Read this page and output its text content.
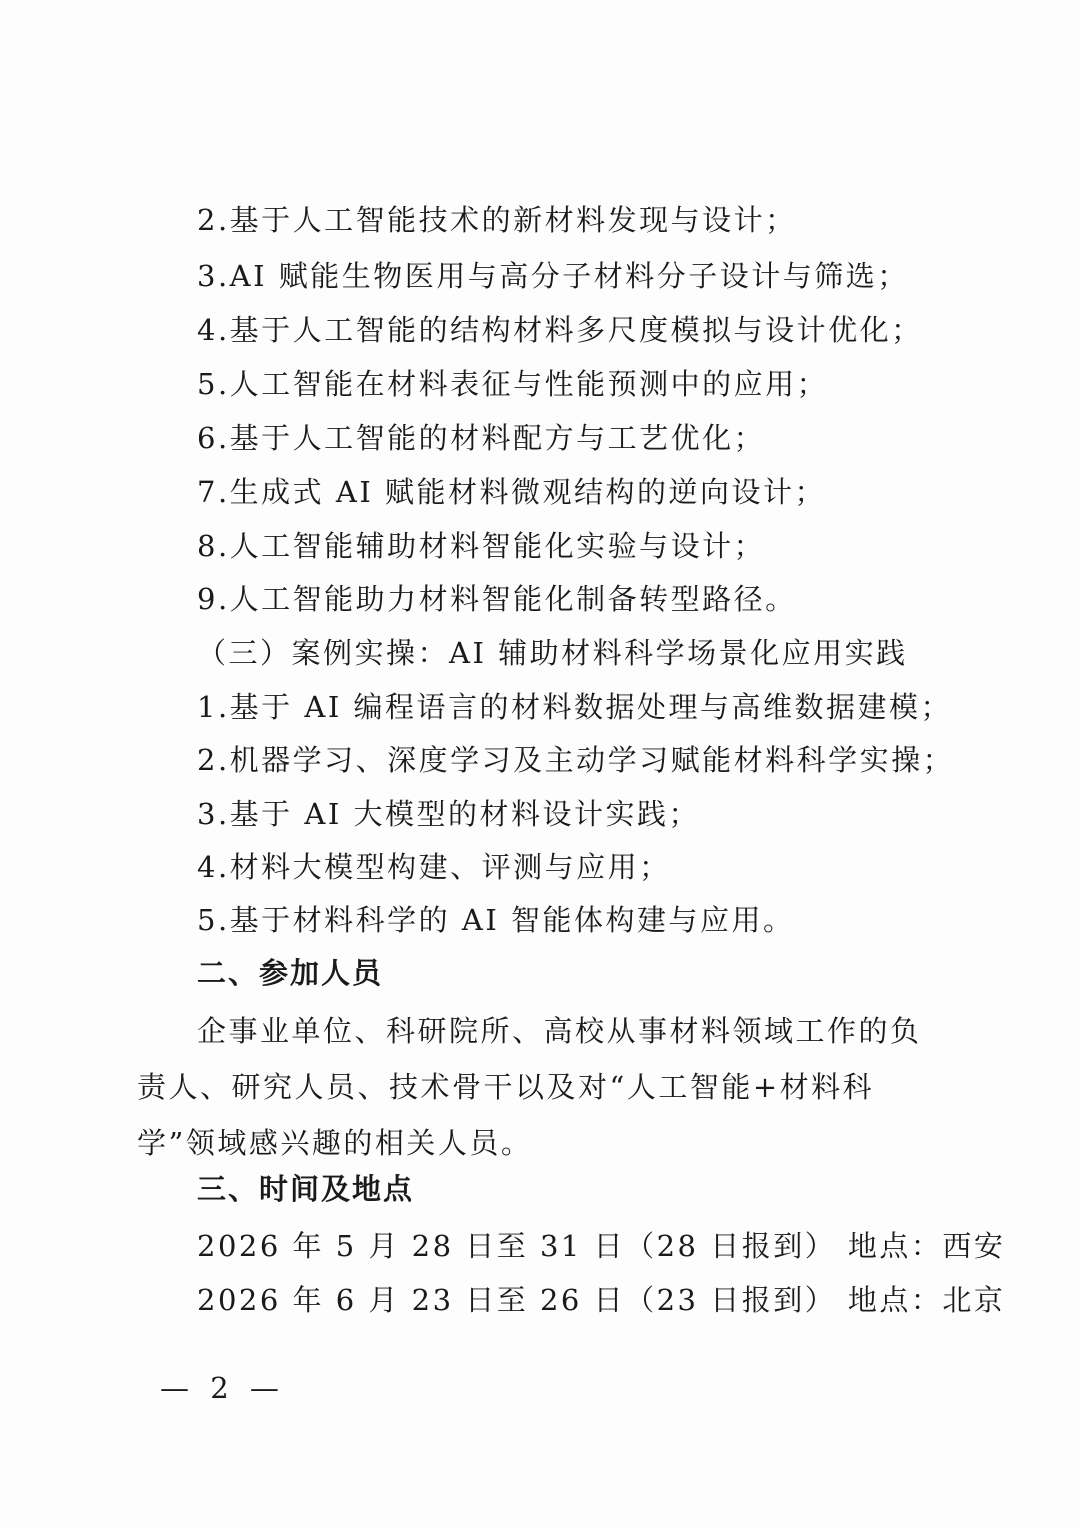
2.基于人工智能技术的新材料发现与设计；
3.AI 赋能生物医用与高分子材料分子设计与筛选；
4.基于人工智能的结构材料多尺度模拟与设计优化；
5.人工智能在材料表征与性能预测中的应用；
6.基于人工智能的材料配方与工艺优化；
7.生成式 AI 赋能材料微观结构的逆向设计；
8.人工智能辅助材料智能化实验与设计；
9.人工智能助力材料智能化制备转型路径。
（三）案例实操：AI 辅助材料科学场景化应用实践
1.基于 AI 编程语言的材料数据处理与高维数据建模；
2.机器学习、深度学习及主动学习赋能材料科学实操；
3.基于 AI 大模型的材料设计实践；
4.材料大模型构建、评测与应用；
5.基于材料科学的 AI 智能体构建与应用。
二、参加人员
企事业单位、科研院所、高校从事材料领域工作的负责人、研究人员、技术骨干以及对“人工智能+材料科学”领域感兴趣的相关人员。
三、时间及地点
2026 年 5 月 28 日至 31 日（28 日报到） 地点：西安
2026 年 6 月 23 日至 26 日（23 日报到） 地点：北京
— 2 —
